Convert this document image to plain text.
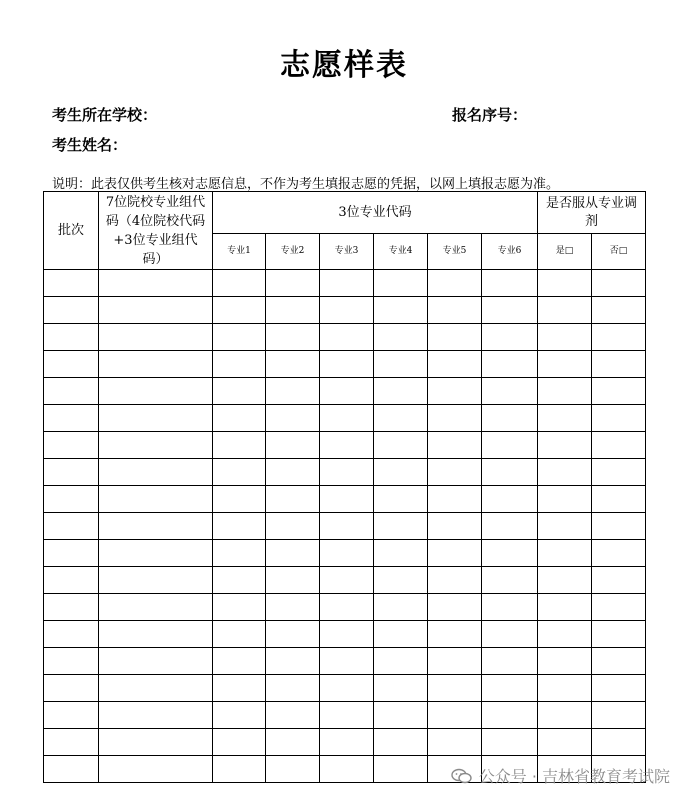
志愿样表
考生所在学校：	报名序号：
考生姓名：
说明：此表仅供考生核对志愿信息，不作为考生填报志愿的凭据，以网上填报志愿为准。
批次	7位院校专业组代码（4位院校代码+3位专业组代码）	3位专业代码						是否服从专业调剂	
		专业1	专业2	专业3	专业4	专业5	专业6	是□	否□

公众号 · 吉林省教育考试院
